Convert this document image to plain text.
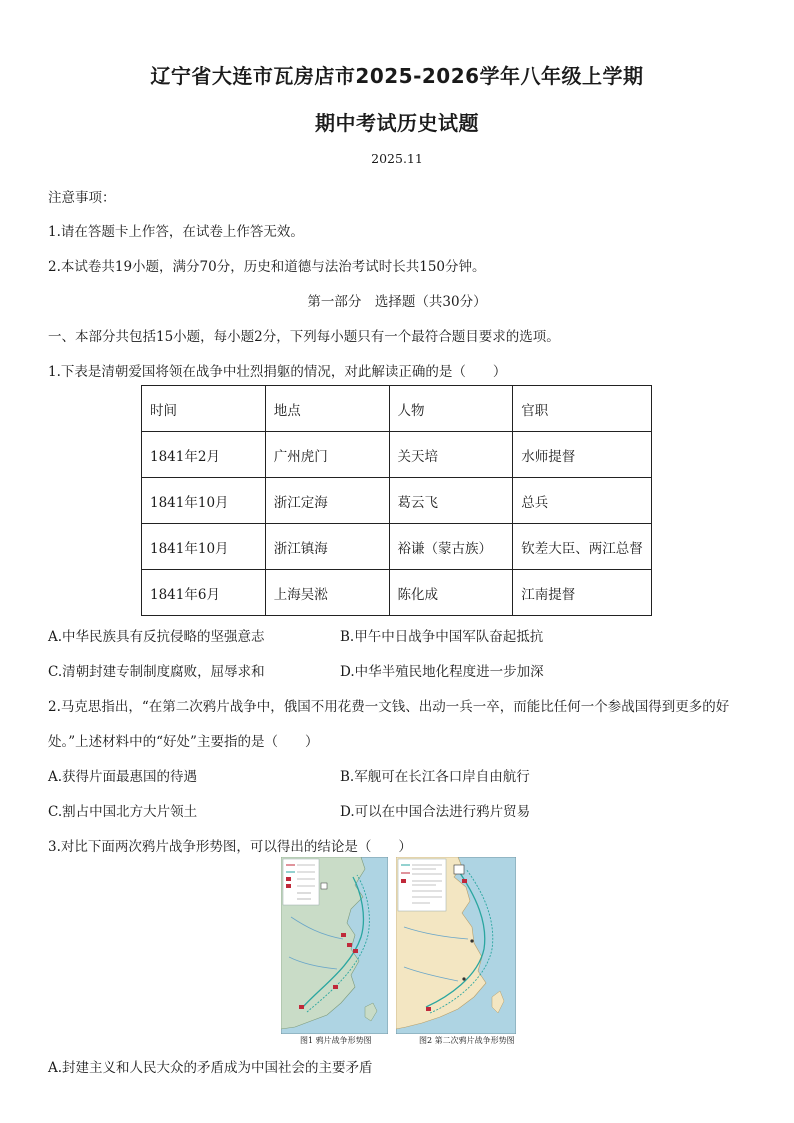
辽宁省大连市瓦房店市2025-2026学年八年级上学期
期中考试历史试题
2025.11
注意事项：
1.请在答题卡上作答，在试卷上作答无效。
2.本试卷共19小题，满分70分，历史和道德与法治考试时长共150分钟。
第一部分　选择题（共30分）
一、本部分共包括15小题，每小题2分，下列每小题只有一个最符合题目要求的选项。
1.下表是清朝爱国将领在战争中壮烈捐躯的情况，对此解读正确的是（　　）
时间	地点	人物	官职
1841年2月	广州虎门	关天培	水师提督
1841年10月	浙江定海	葛云飞	总兵
1841年10月	浙江镇海	裕谦（蒙古族）	钦差大臣、两江总督
1841年6月	上海吴淞	陈化成	江南提督
A.中华民族具有反抗侵略的坚强意志	B.甲午中日战争中国军队奋起抵抗
C.清朝封建专制制度腐败，屈辱求和	D.中华半殖民地化程度进一步加深
2.马克思指出，“在第二次鸦片战争中，俄国不用花费一文钱、出动一兵一卒，而能比任何一个参战国得到更多的好
处。”上述材料中的“好处”主要指的是（　　）
A.获得片面最惠国的待遇	B.军舰可在长江各口岸自由航行
C.割占中国北方大片领土	D.可以在中国合法进行鸦片贸易
3.对比下面两次鸦片战争形势图，可以得出的结论是（　　）
图1 鸦片战争形势图	图2 第二次鸦片战争形势图
A.封建主义和人民大众的矛盾成为中国社会的主要矛盾
